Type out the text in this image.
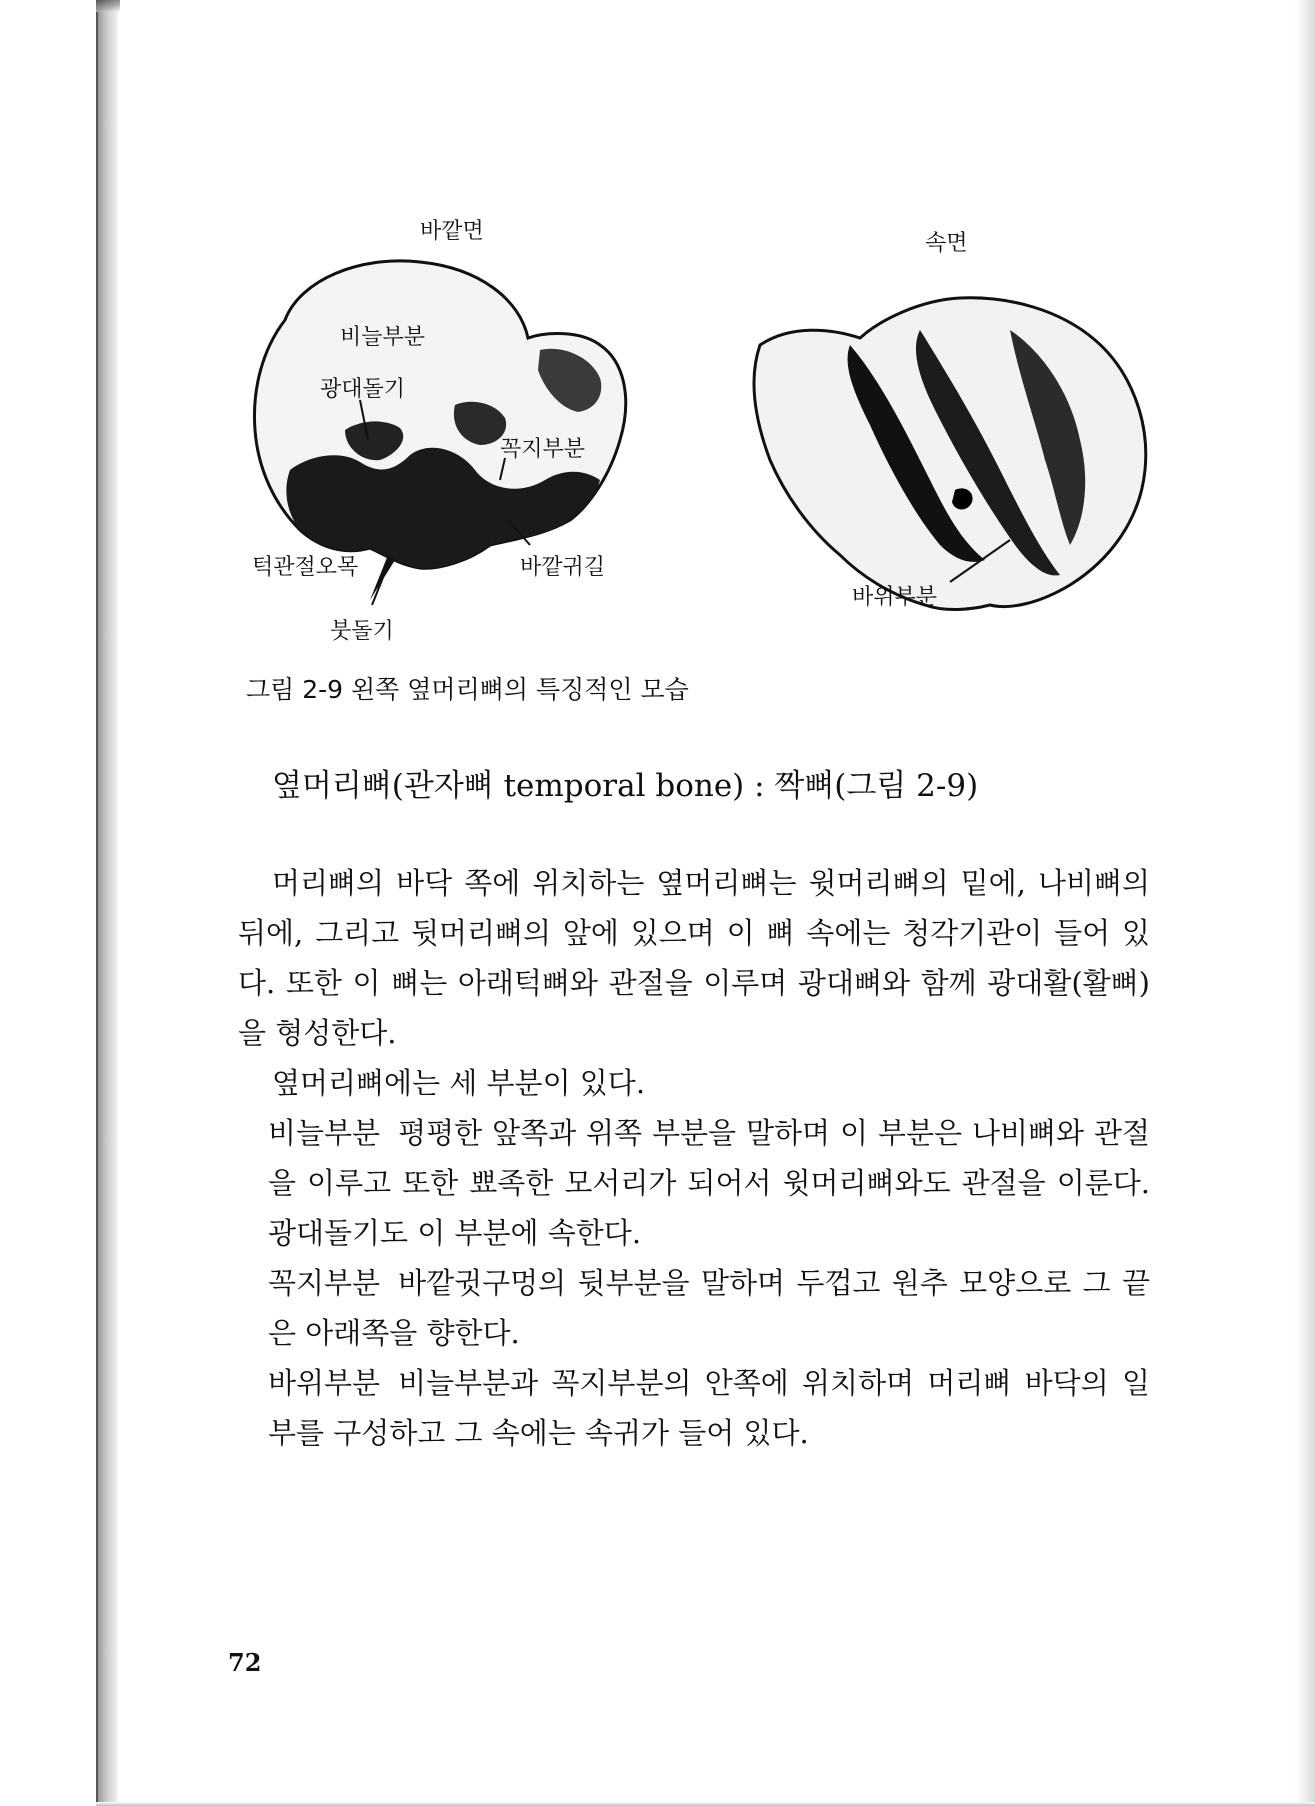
바깥면	속면
비늘부분
광대돌기
꼭지부분
턱관절오목	바깥귀길
붓돌기
바위부분
그림 2-9 왼쪽 옆머리뼈의 특징적인 모습
옆머리뼈(관자뼈 temporal bone) : 짝뼈(그림 2-9)

머리뼈의 바닥 쪽에 위치하는 옆머리뼈는 윗머리뼈의 밑에, 나비뼈의 뒤에, 그리고 뒷머리뼈의 앞에 있으며 이 뼈 속에는 청각기관이 들어 있다. 또한 이 뼈는 아래턱뼈와 관절을 이루며 광대뼈와 함께 광대활(활뼈)을 형성한다.

옆머리뼈에는 세 부분이 있다.

비늘부분 평평한 앞쪽과 위쪽 부분을 말하며 이 부분은 나비뼈와 관절을 이루고 또한 뾰족한 모서리가 되어서 윗머리뼈와도 관절을 이룬다. 광대돌기도 이 부분에 속한다.

꼭지부분 바깥귓구멍의 뒷부분을 말하며 두껍고 원추 모양으로 그 끝은 아래쪽을 향한다.

바위부분 비늘부분과 꼭지부분의 안쪽에 위치하며 머리뼈 바닥의 일부를 구성하고 그 속에는 속귀가 들어 있다.

72
